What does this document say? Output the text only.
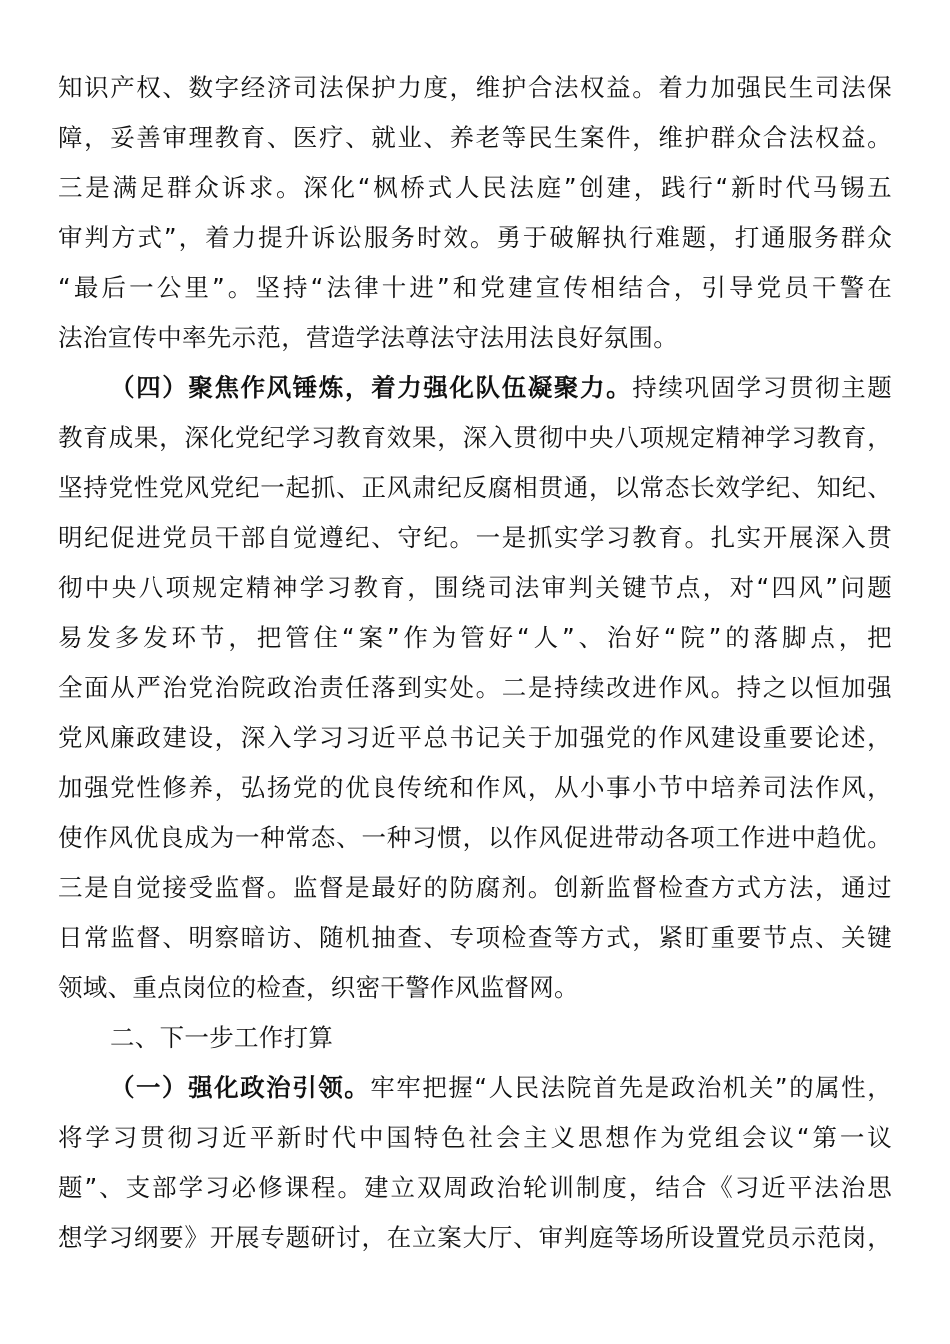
知识产权、数字经济司法保护力度，维护合法权益。着力加强民生司法保

障，妥善审理教育、医疗、就业、养老等民生案件，维护群众合法权益。

三是满足群众诉求。深化“枫桥式人民法庭”创建，践行“新时代马锡五

审判方式”，着力提升诉讼服务时效。勇于破解执行难题，打通服务群众

“最后一公里”。坚持“法律十进”和党建宣传相结合，引导党员干警在

法治宣传中率先示范，营造学法尊法守法用法良好氛围。

（四）聚焦作风锤炼，着力强化队伍凝聚力。持续巩固学习贯彻主题

教育成果，深化党纪学习教育效果，深入贯彻中央八项规定精神学习教育，

坚持党性党风党纪一起抓、正风肃纪反腐相贯通，以常态长效学纪、知纪、

明纪促进党员干部自觉遵纪、守纪。一是抓实学习教育。扎实开展深入贯

彻中央八项规定精神学习教育，围绕司法审判关键节点，对“四风”问题

易发多发环节，把管住“案”作为管好“人”、治好“院”的落脚点，把

全面从严治党治院政治责任落到实处。二是持续改进作风。持之以恒加强

党风廉政建设，深入学习习近平总书记关于加强党的作风建设重要论述，

加强党性修养，弘扬党的优良传统和作风，从小事小节中培养司法作风，

使作风优良成为一种常态、一种习惯，以作风促进带动各项工作进中趋优。

三是自觉接受监督。监督是最好的防腐剂。创新监督检查方式方法，通过

日常监督、明察暗访、随机抽查、专项检查等方式，紧盯重要节点、关键

领域、重点岗位的检查，织密干警作风监督网。

二、下一步工作打算

（一）强化政治引领。牢牢把握“人民法院首先是政治机关”的属性，

将学习贯彻习近平新时代中国特色社会主义思想作为党组会议“第一议

题”、支部学习必修课程。建立双周政治轮训制度，结合《习近平法治思

想学习纲要》开展专题研讨，在立案大厅、审判庭等场所设置党员示范岗，
